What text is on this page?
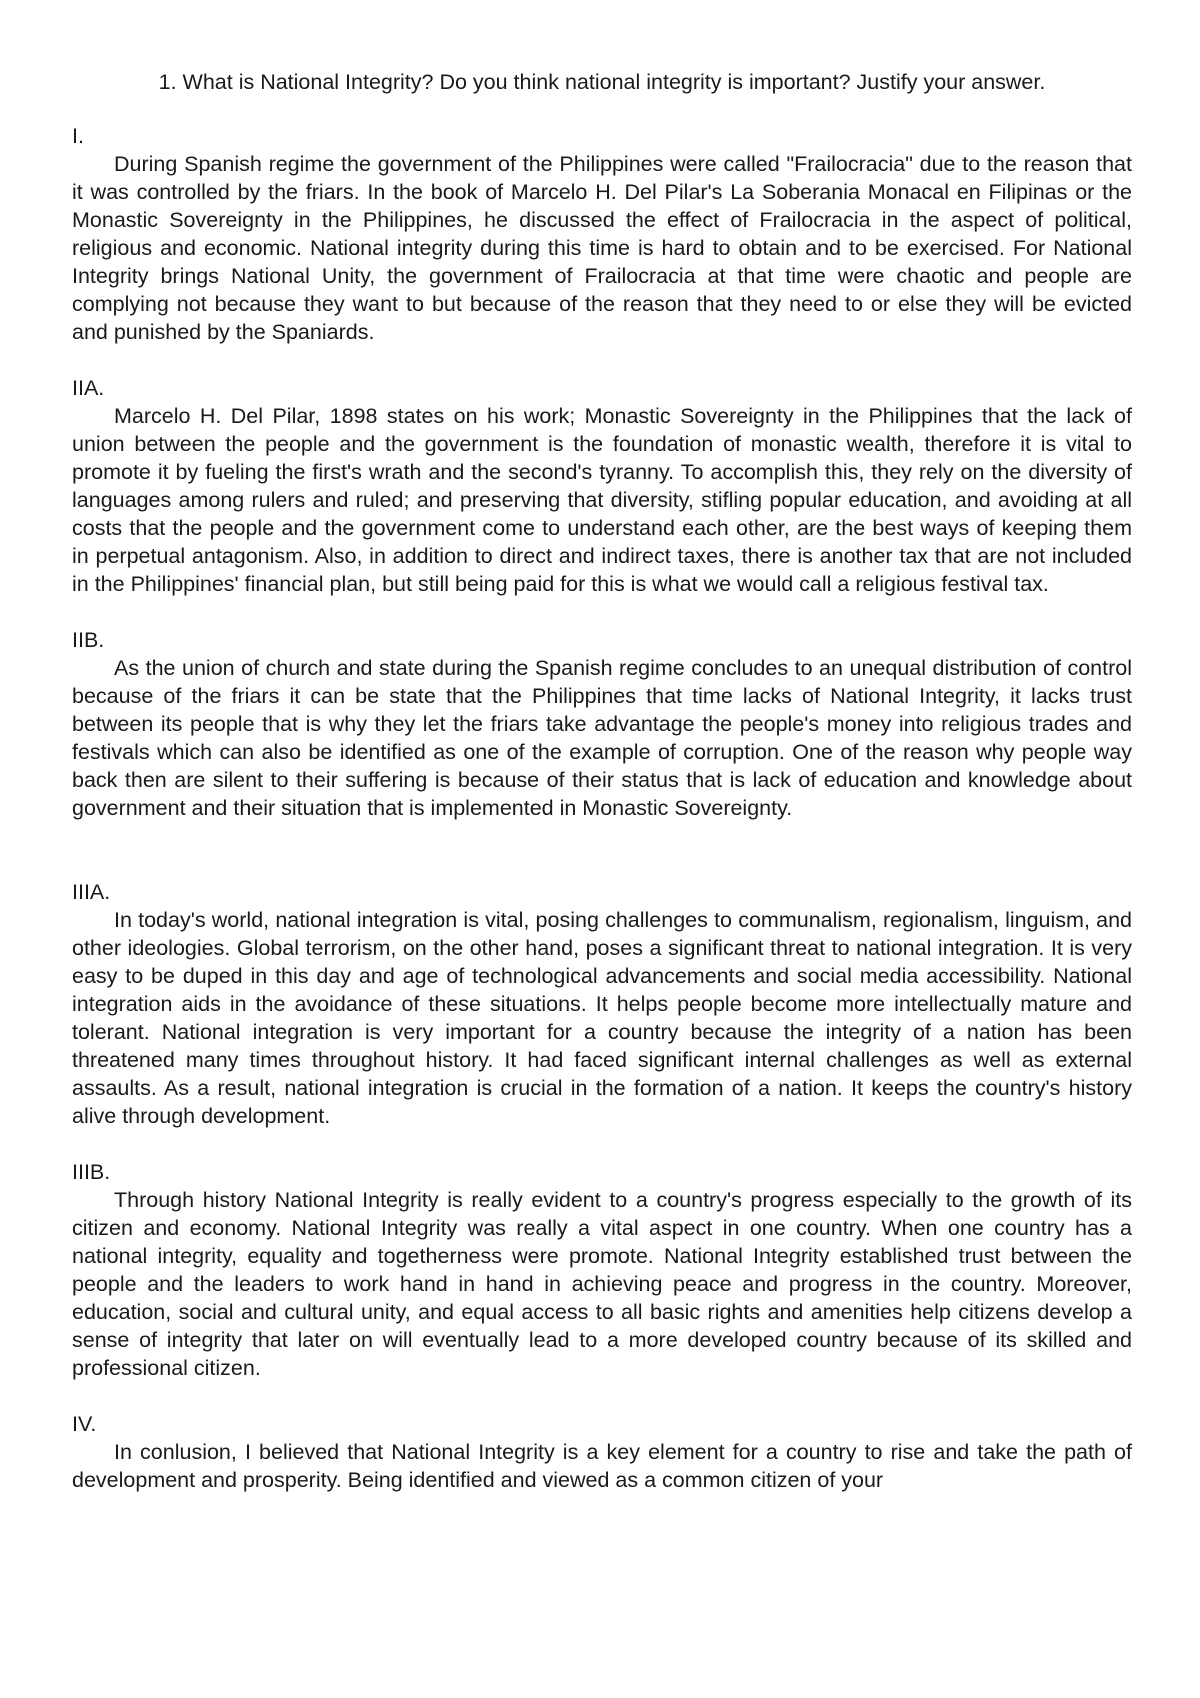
1. What is National Integrity? Do you think national integrity is important? Justify your answer.

I.

During Spanish regime the government of the Philippines were called "Frailocracia" due to the reason that it was controlled by the friars. In the book of Marcelo H. Del Pilar's La Soberania Monacal en Filipinas or the Monastic Sovereignty in the Philippines, he discussed the effect of Frailocracia in the aspect of political, religious and economic. National integrity during this time is hard to obtain and to be exercised. For National Integrity brings National Unity, the government of Frailocracia at that time were chaotic and people are complying not because they want to but because of the reason that they need to or else they will be evicted and punished by the Spaniards.

IIA.

Marcelo H. Del Pilar, 1898 states on his work; Monastic Sovereignty in the Philippines that the lack of union between the people and the government is the foundation of monastic wealth, therefore it is vital to promote it by fueling the first's wrath and the second's tyranny. To accomplish this, they rely on the diversity of languages among rulers and ruled; and preserving that diversity, stifling popular education, and avoiding at all costs that the people and the government come to understand each other, are the best ways of keeping them in perpetual antagonism. Also, in addition to direct and indirect taxes, there is another tax that are not included in the Philippines' financial plan, but still being paid for this is what we would call a religious festival tax.

IIB.

As the union of church and state during the Spanish regime concludes to an unequal distribution of control because of the friars it can be state that the Philippines that time lacks of National Integrity, it lacks trust between its people that is why they let the friars take advantage the people's money into religious trades and festivals which can also be identified as one of the example of corruption. One of the reason why people way back then are silent to their suffering is because of their status that is lack of education and knowledge about government and their situation that is implemented in Monastic Sovereignty.

IIIA.

In today's world, national integration is vital, posing challenges to communalism, regionalism, linguism, and other ideologies. Global terrorism, on the other hand, poses a significant threat to national integration. It is very easy to be duped in this day and age of technological advancements and social media accessibility. National integration aids in the avoidance of these situations. It helps people become more intellectually mature and tolerant. National integration is very important for a country because the integrity of a nation has been threatened many times throughout history. It had faced significant internal challenges as well as external assaults. As a result, national integration is crucial in the formation of a nation. It keeps the country's history alive through development.

IIIB.

Through history National Integrity is really evident to a country's progress especially to the growth of its citizen and economy. National Integrity was really a vital aspect in one country. When one country has a national integrity, equality and togetherness were promote. National Integrity established trust between the people and the leaders to work hand in hand in achieving peace and progress in the country. Moreover, education, social and cultural unity, and equal access to all basic rights and amenities help citizens develop a sense of integrity that later on will eventually lead to a more developed country because of its skilled and professional citizen.

IV.

In conlusion, I believed that National Integrity is a key element for a country to rise and take the path of development and prosperity. Being identified and viewed as a common citizen of your
